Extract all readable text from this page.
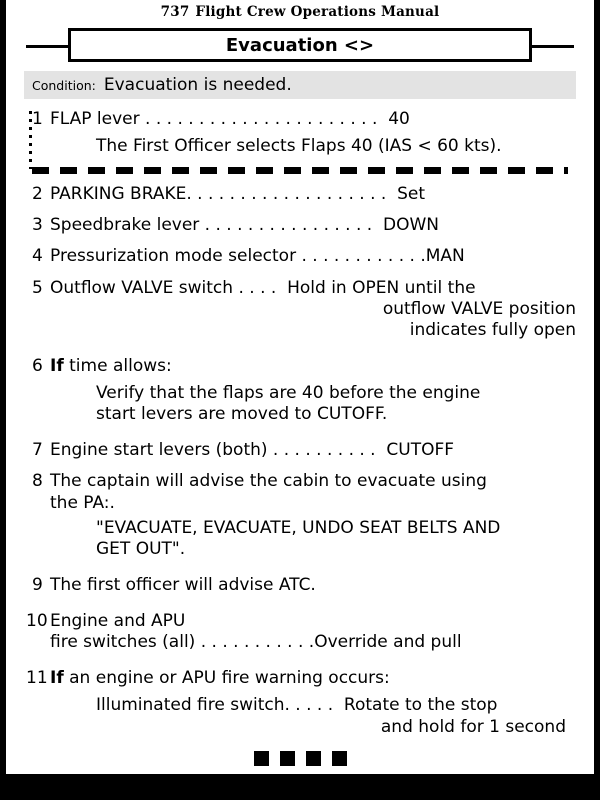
737 Flight Crew Operations Manual
Evacuation <>
Condition: Evacuation is needed.
1 FLAP lever . . . . . . . . . . . . . . . . . . . . . .  40
The First Officer selects Flaps 40 (IAS < 60 kts).
2 PARKING BRAKE. . . . . . . . . . . . . . . . . . .  Set
3 Speedbrake lever . . . . . . . . . . . . . . . .  DOWN
4 Pressurization mode selector . . . . . . . . . . . .MAN
5 Outflow VALVE switch . . . .  Hold in OPEN until the
outflow VALVE position
indicates fully open
6 If time allows:
Verify that the flaps are 40 before the engine
start levers are moved to CUTOFF.
7 Engine start levers (both) . . . . . . . . . .  CUTOFF
8 The captain will advise the cabin to evacuate using
the PA:.
"EVACUATE, EVACUATE, UNDO SEAT BELTS AND
GET OUT".
9 The first officer will advise ATC.
10 Engine and APU
fire switches (all) . . . . . . . . . . .Override and pull
11 If an engine or APU fire warning occurs:
Illuminated fire switch. . . . .  Rotate to the stop
and hold for 1 second
